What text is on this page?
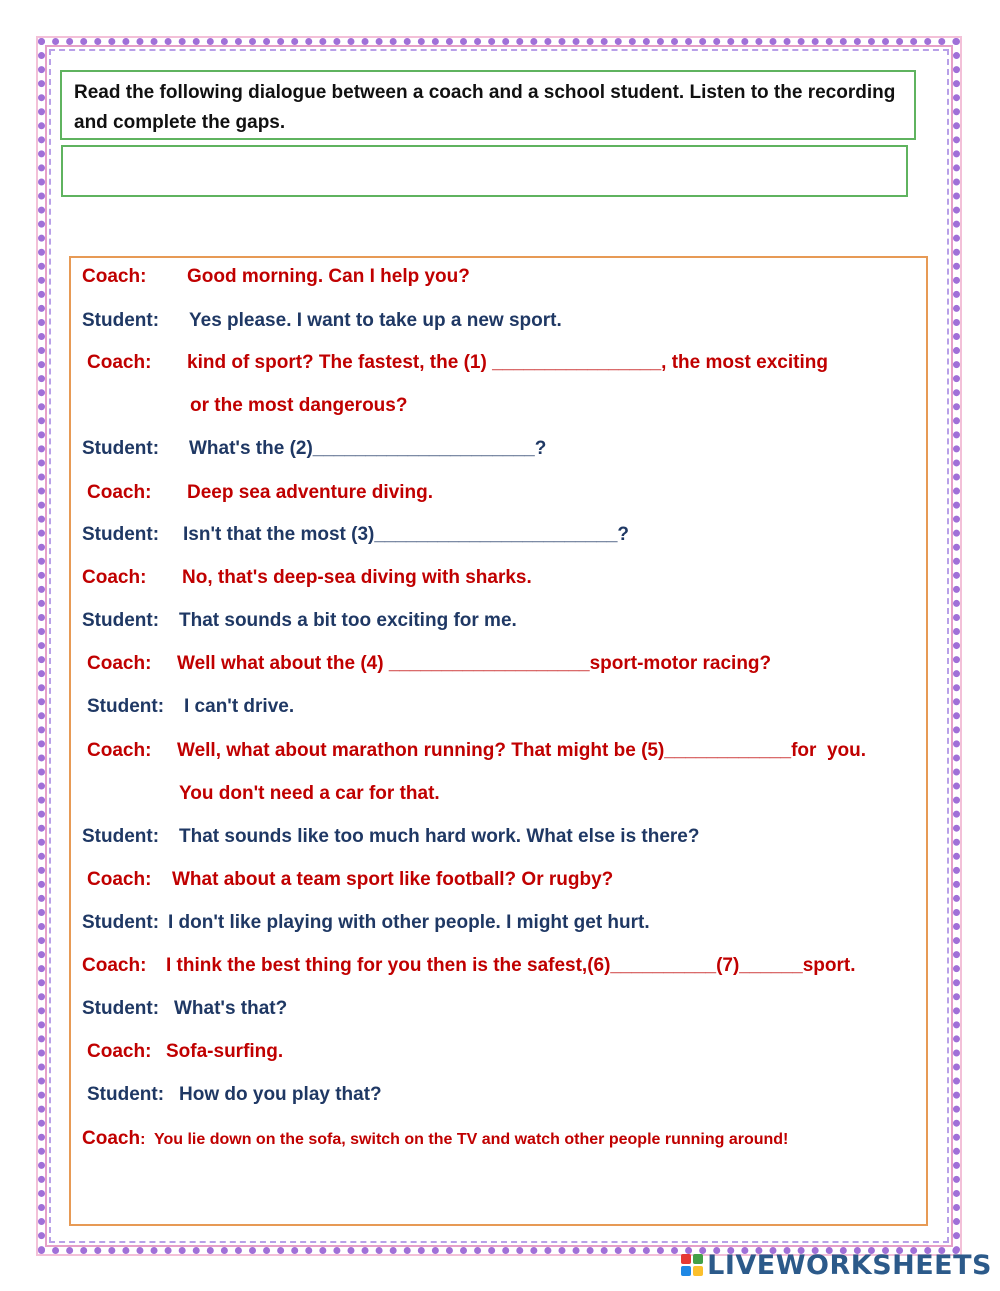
Read the following dialogue between a coach and a school student. Listen to the recording and complete the gaps.
Coach: Good morning. Can I help you?
Student: Yes please. I want to take up a new sport.
Coach: kind of sport? The fastest, the (1) ________________, the most exciting
or the most dangerous?
Student: What's the (2)_____________________?
Coach: Deep sea adventure diving.
Student: Isn't that the most (3)_______________________?
Coach: No, that's deep-sea diving with sharks.
Student: That sounds a bit too exciting for me.
Coach: Well what about the (4) ___________________sport-motor racing?
Student: I can't drive.
Coach: Well, what about marathon running? That might be (5)____________for  you.
You don't need a car for that.
Student: That sounds like too much hard work. What else is there?
Coach: What about a team sport like football? Or rugby?
Student: I don't like playing with other people. I might get hurt.
Coach: I think the best thing for you then is the safest,(6)__________(7)______sport.
Student: What's that?
Coach: Sofa-surfing.
Student: How do you play that?
Coach:  You lie down on the sofa, switch on the TV and watch other people running around!
LIVEWORKSHEETS
